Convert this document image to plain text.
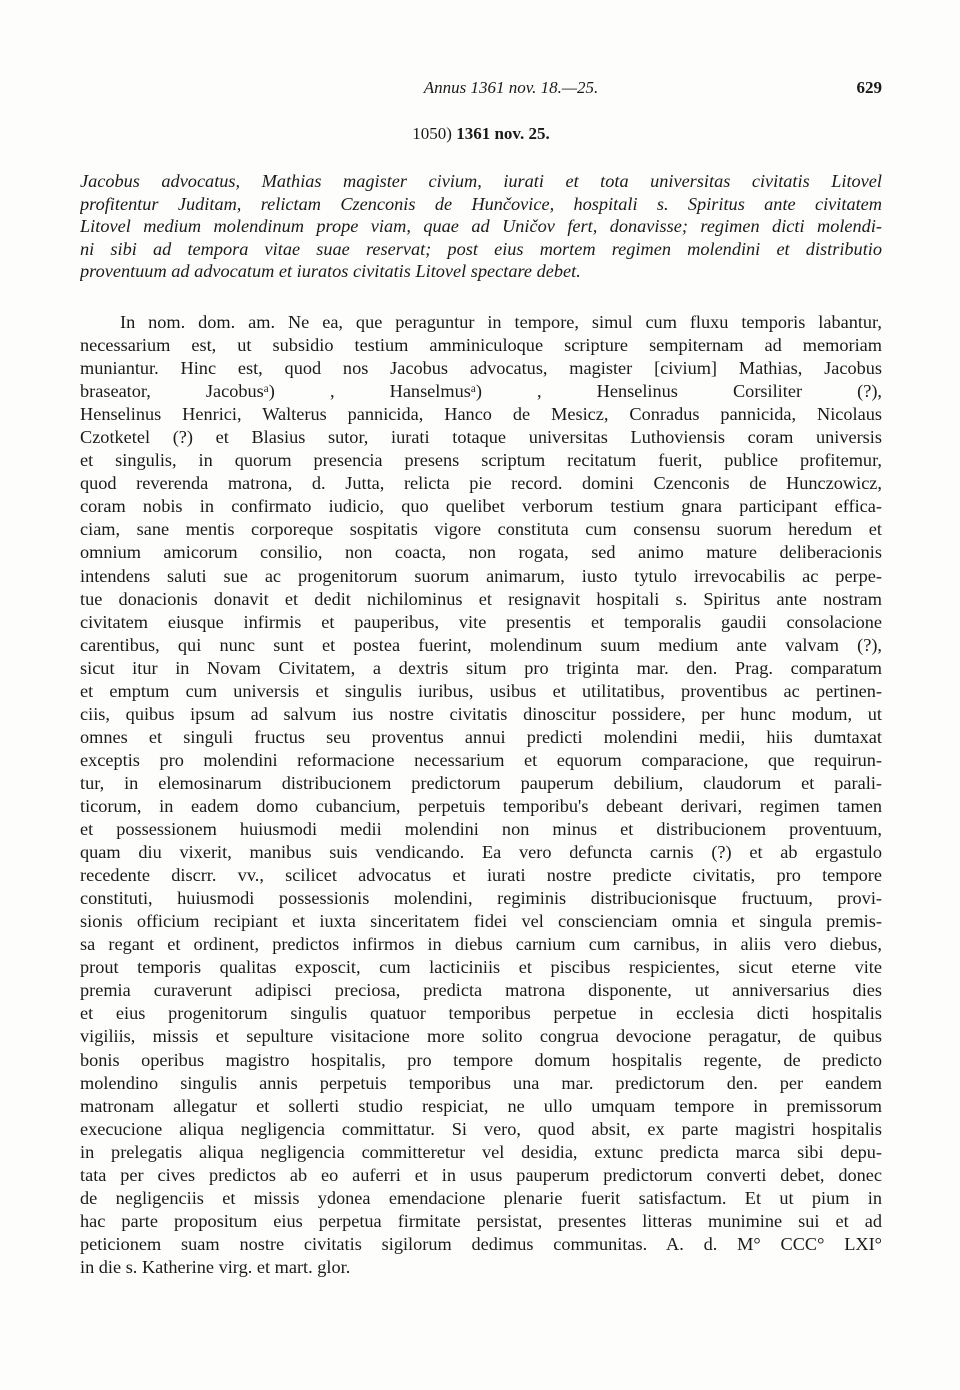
Annus 1361 nov. 18.—25.	629
1050) 1361 nov. 25.
Jacobus advocatus, Mathias magister civium, iurati et tota universitas civitatis Litovel
profitentur Juditam, relictam Czenconis de Hunčovice, hospitali s. Spiritus ante civitatem
Litovel medium molendinum prope viam, quae ad Uničov fert, donavisse; regimen dicti molendi-
ni sibi ad tempora vitae suae reservat; post eius mortem regimen molendini et distributio
proventuum ad advocatum et iuratos civitatis Litovel spectare debet.
In nom. dom. am. Ne ea, que peraguntur in tempore, simul cum fluxu temporis labantur,
necessarium est, ut subsidio testium amminiculoque scripture sempiternam ad memoriam
muniantur. Hinc est, quod nos Jacobus advocatus, magister [civium] Mathias, Jacobus
braseator, Jacobusᵃ) , Hanselmusᵃ) , Henselinus Corsiliter (?),
Henselinus Henrici, Walterus pannicida, Hanco de Mesicz, Conradus pannicida, Nicolaus
Czotketel (?) et Blasius sutor, iurati totaque universitas Luthoviensis coram universis
et singulis, in quorum presencia presens scriptum recitatum fuerit, publice profitemur,
quod reverenda matrona, d. Jutta, relicta pie record. domini Czenconis de Hunczowicz,
coram nobis in confirmato iudicio, quo quelibet verborum testium gnara participant effica-
ciam, sane mentis corporeque sospitatis vigore constituta cum consensu suorum heredum et
omnium amicorum consilio, non coacta, non rogata, sed animo mature deliberacionis
intendens saluti sue ac progenitorum suorum animarum, iusto tytulo irrevocabilis ac perpe-
tue donacionis donavit et dedit nichilominus et resignavit hospitali s. Spiritus ante nostram
civitatem eiusque infirmis et pauperibus, vite presentis et temporalis gaudii consolacione
carentibus, qui nunc sunt et postea fuerint, molendinum suum medium ante valvam (?),
sicut itur in Novam Civitatem, a dextris situm pro triginta mar. den. Prag. comparatum
et emptum cum universis et singulis iuribus, usibus et utilitatibus, proventibus ac pertinen-
ciis, quibus ipsum ad salvum ius nostre civitatis dinoscitur possidere, per hunc modum, ut
omnes et singuli fructus seu proventus annui predicti molendini medii, hiis dumtaxat
exceptis pro molendini reformacione necessarium et equorum comparacione, que requirun-
tur, in elemosinarum distribucionem predictorum pauperum debilium, claudorum et parali-
ticorum, in eadem domo cubancium, perpetuis temporibu's debeant derivari, regimen tamen
et possessionem huiusmodi medii molendini non minus et distribucionem proventuum,
quam diu vixerit, manibus suis vendicando. Ea vero defuncta carnis (?) et ab ergastulo
recedente discrr. vv., scilicet advocatus et iurati nostre predicte civitatis, pro tempore
constituti, huiusmodi possessionis molendini, regiminis distribucionisque fructuum, provi-
sionis officium recipiant et iuxta sinceritatem fidei vel conscienciam omnia et singula premis-
sa regant et ordinent, predictos infirmos in diebus carnium cum carnibus, in aliis vero diebus,
prout temporis qualitas exposcit, cum lacticiniis et piscibus respicientes, sicut eterne vite
premia curaverunt adipisci preciosa, predicta matrona disponente, ut anniversarius dies
et eius progenitorum singulis quatuor temporibus perpetue in ecclesia dicti hospitalis
vigiliis, missis et sepulture visitacione more solito congrua devocione peragatur, de quibus
bonis operibus magistro hospitalis, pro tempore domum hospitalis regente, de predicto
molendino singulis annis perpetuis temporibus una mar. predictorum den. per eandem
matronam allegatur et sollerti studio respiciat, ne ullo umquam tempore in premissorum
execucione aliqua negligencia committatur. Si vero, quod absit, ex parte magistri hospitalis
in prelegatis aliqua negligencia committeretur vel desidia, extunc predicta marca sibi depu-
tata per cives predictos ab eo auferri et in usus pauperum predictorum converti debet, donec
de negligenciis et missis ydonea emendacione plenarie fuerit satisfactum. Et ut pium in
hac parte propositum eius perpetua firmitate persistat, presentes litteras munimine sui et ad
peticionem suam nostre civitatis sigilorum dedimus communitas. A. d. M° CCC° LXI°
in die s. Katherine virg. et mart. glor.
